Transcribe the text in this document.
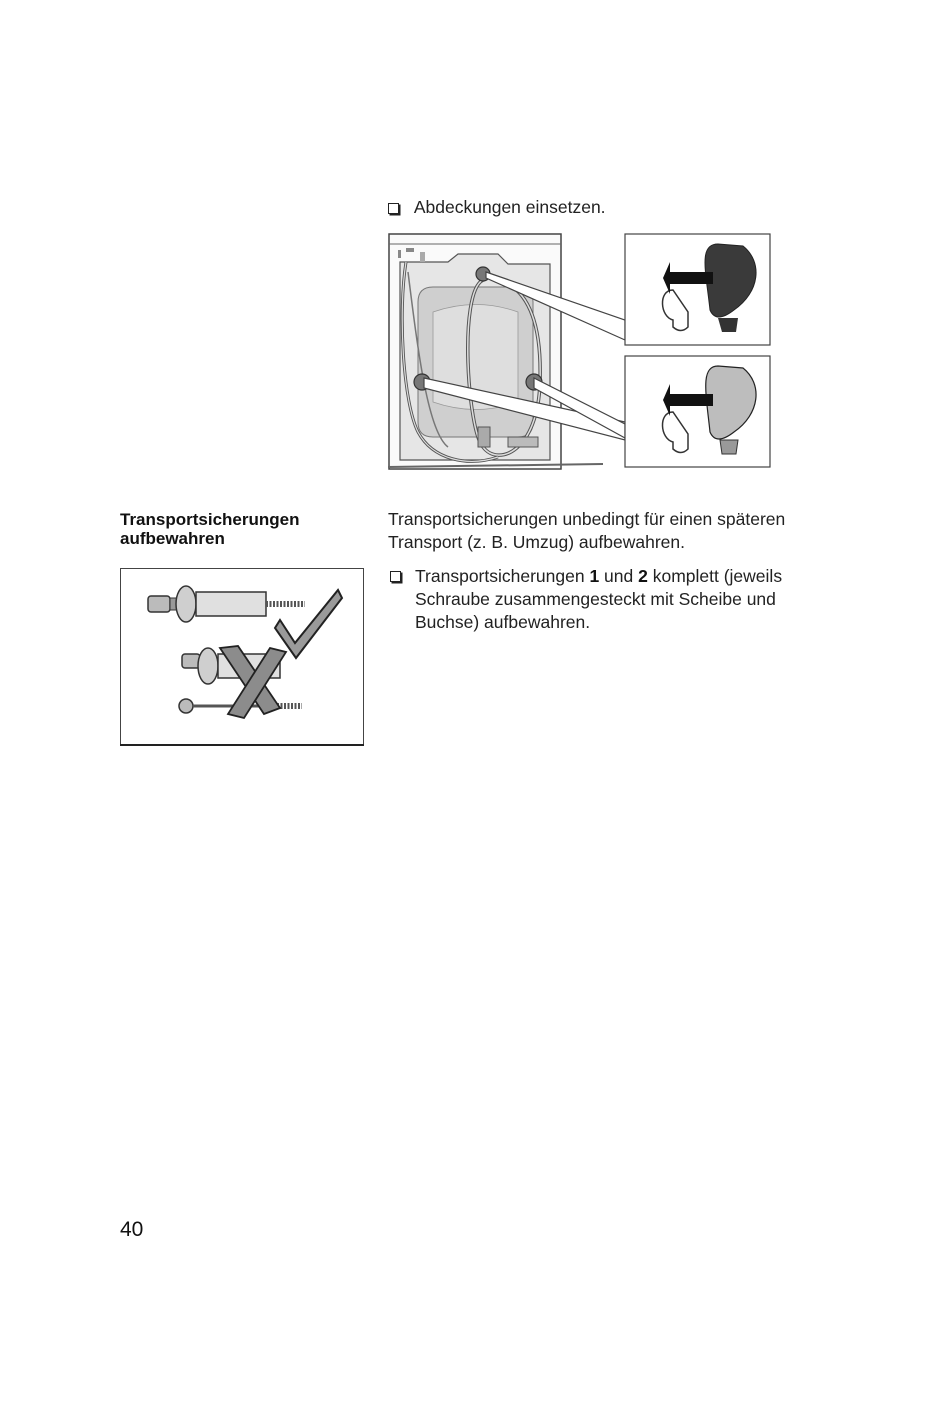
Abdeckungen einsetzen.
Transportsicherungen
aufbewahren
Transportsicherungen unbedingt für einen späteren
Transport (z. B. Umzug) aufbewahren.
Transportsicherungen 1 und 2 komplett (jeweils
Schraube zusammengesteckt mit Scheibe und
Buchse) aufbewahren.
40
